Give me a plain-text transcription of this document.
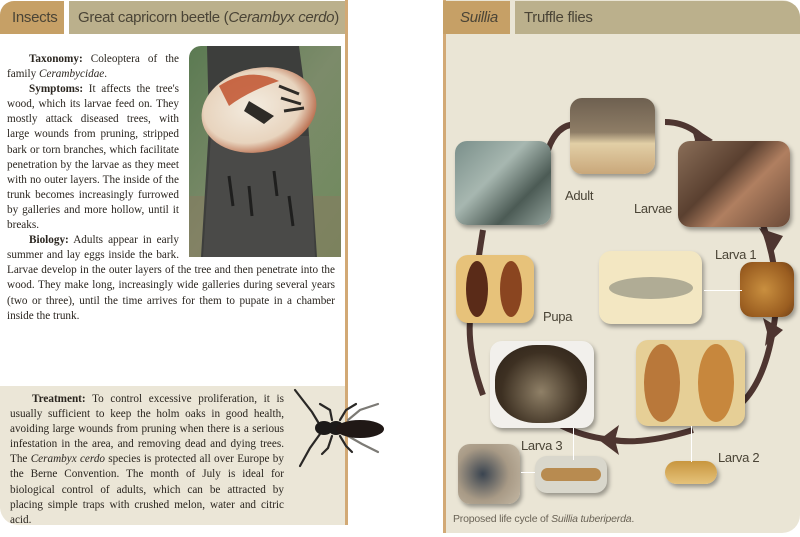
Insects	Great capricorn beetle (Cerambyx cerdo)

Taxonomy: Coleoptera of the family Cerambycidae.

Symptoms: It affects the tree's wood, which its larvae feed on. They mostly attack diseased trees, with large wounds from pruning, stripped bark or torn branches, which facilitate penetration by the larvae as they meet with no outer layers. The inside of the trunk becomes increasingly furrowed by galleries and more hollow, until it breaks.

Biology: Adults appear in early summer and lay eggs inside the bark. Larvae develop in the outer layers of the tree and then penetrate into the wood. They make long, increasingly wide galleries during several years (two or three), until the time arrives for them to pupate in a chamber inside the trunk.

Treatment: To control excessive proliferation, it is usually sufficient to keep the holm oaks in good health, avoiding large wounds from pruning when there is a serious infestation in the area, and removing dead and dying trees. The Cerambyx cerdo species is protected all over Europe by the Berne Convention. The month of July is ideal for biological control of adults, which can be attracted by placing simple traps with crushed melon, water and citric acid.

Suillia	Truffle flies
Adult
Larvae
Larva 1
Pupa
Larva 3
Larva 2
Proposed life cycle of Suillia tuberiperda.
